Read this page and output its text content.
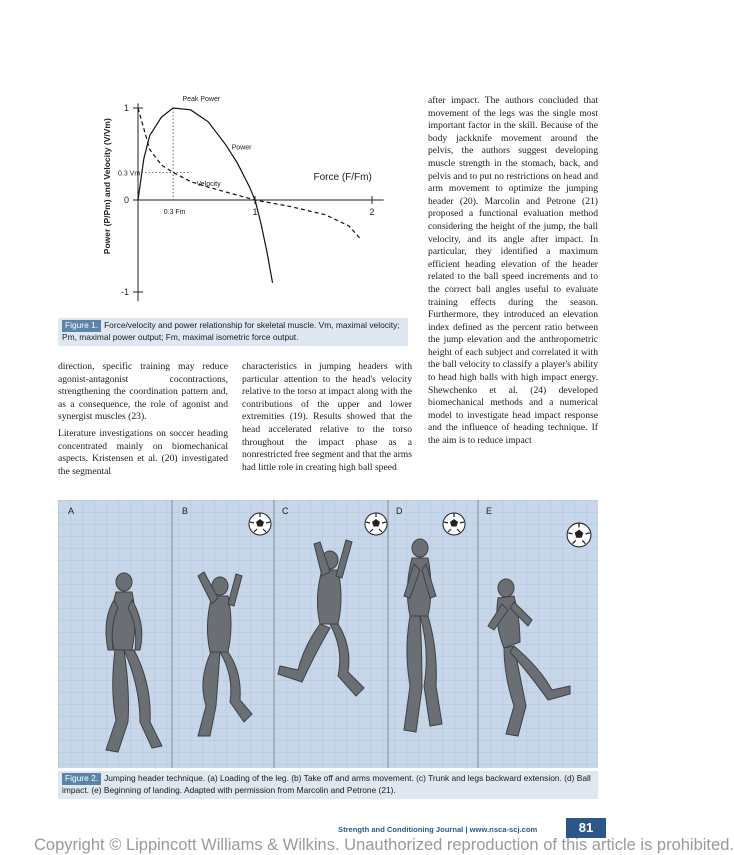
1
0
-1
1	2
Peak Power
Power
Velocity
0.3 Vm
0.3 Fm
Force (F/Fm)
Power (P/Pm) and Velocity (V/Vm)
Figure 1. Force/velocity and power relationship for skeletal muscle. Vm, maximal velocity; Pm, maximal power output; Fm, maximal isometric force output.

direction, specific training may reduce agonist-antagonist cocontractions, strengthening the coordination pattern and, as a consequence, the role of agonist and synergist muscles (23).

Literature investigations on soccer heading concentrated mainly on biomechanical aspects. Kristensen et al. (20) investigated the segmental

characteristics in jumping headers with particular attention to the head's velocity relative to the torso at impact along with the contributions of the upper and lower extremities (19). Results showed that the head accelerated relative to the torso throughout the impact phase as a nonrestricted free segment and that the arms had little role in creating high ball speed

after impact. The authors concluded that movement of the legs was the single most important factor in the skill. Because of the body jackknife movement around the pelvis, the authors suggest developing muscle strength in the stomach, back, and pelvis and to put no restrictions on head and arm movement to optimize the jumping header (20). Marcolin and Petrone (21) proposed a functional evaluation method considering the height of the jump, the ball velocity, and its angle after impact. In particular, they identified a maximum efficient heading elevation of the header related to the ball speed increments and to the correct ball angles useful to evaluate training effects during the season. Furthermore, they introduced an elevation index defined as the percent ratio between the jump elevation and the anthropometric height of each subject and correlated it with the ball velocity to classify a player's ability to head high balls with high impact energy. Shewchenko et al. (24) developed biomechanical methods and a numerical model to investigate head impact response and the influence of heading technique. If the aim is to reduce impact

A	B	C	D	E
Figure 2. Jumping header technique. (a) Loading of the leg. (b) Take off and arms movement. (c) Trunk and legs backward extension. (d) Ball impact. (e) Beginning of landing. Adapted with permission from Marcolin and Petrone (21).
Strength and Conditioning Journal | www.nsca-scj.com	81
Copyright © Lippincott Williams & Wilkins. Unauthorized reproduction of this article is prohibited.
